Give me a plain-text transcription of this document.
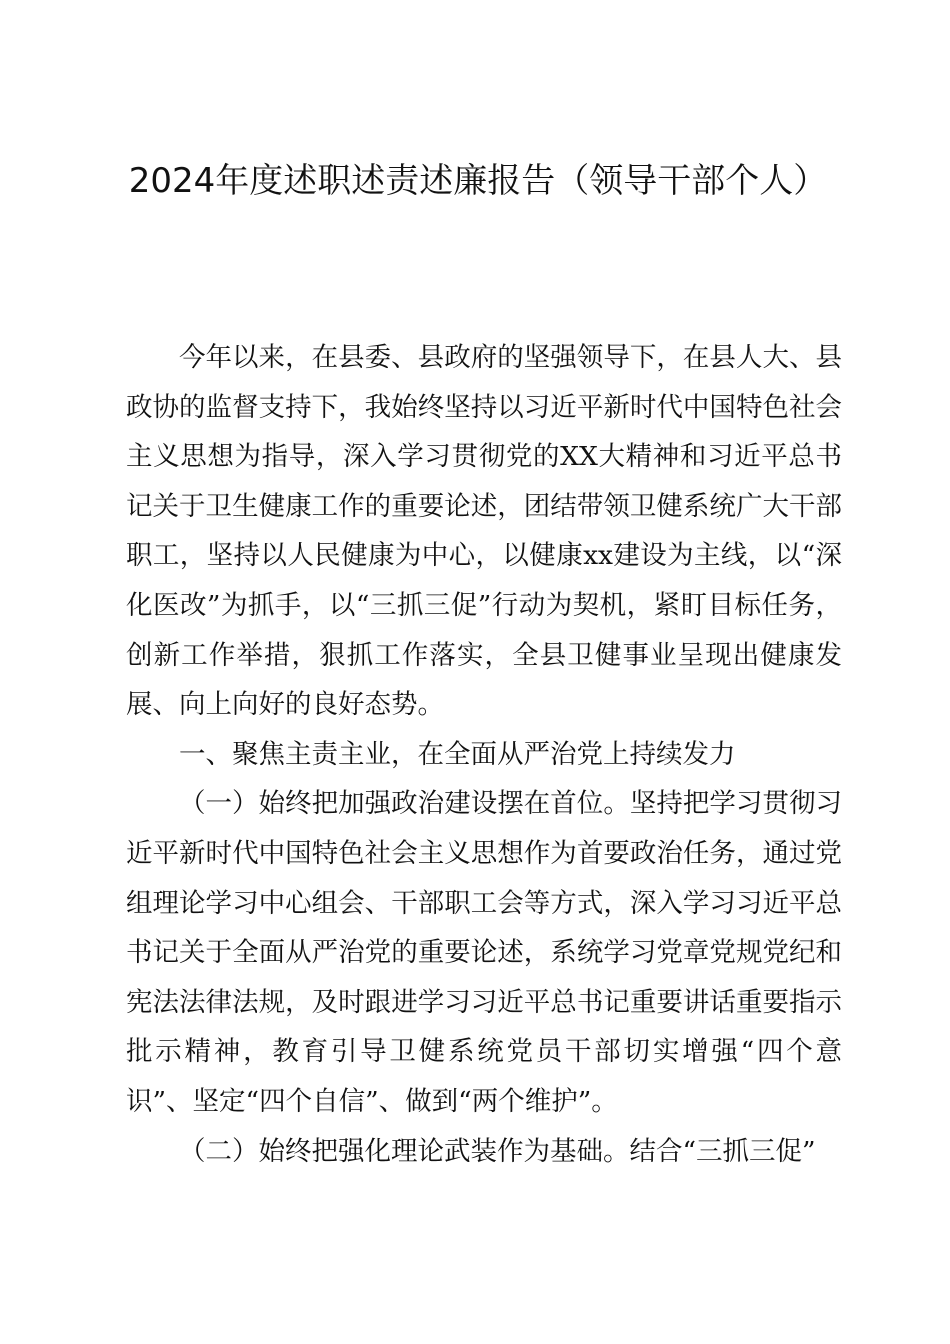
2024年度述职述责述廉报告（领导干部个人）

今年以来，在县委、县政府的坚强领导下，在县人大、县政协的监督支持下，我始终坚持以习近平新时代中国特色社会主义思想为指导，深入学习贯彻党的XX大精神和习近平总书记关于卫生健康工作的重要论述，团结带领卫健系统广大干部职工，坚持以人民健康为中心，以健康xx建设为主线，以“深化医改”为抓手，以“三抓三促”行动为契机，紧盯目标任务，创新工作举措，狠抓工作落实，全县卫健事业呈现出健康发展、向上向好的良好态势。

一、聚焦主责主业，在全面从严治党上持续发力

（一）始终把加强政治建设摆在首位。坚持把学习贯彻习近平新时代中国特色社会主义思想作为首要政治任务，通过党组理论学习中心组会、干部职工会等方式，深入学习习近平总书记关于全面从严治党的重要论述，系统学习党章党规党纪和宪法法律法规，及时跟进学习习近平总书记重要讲话重要指示批示精神，教育引导卫健系统党员干部切实增强“四个意识”、坚定“四个自信”、做到“两个维护”。

（二）始终把强化理论武装作为基础。结合“三抓三促”
